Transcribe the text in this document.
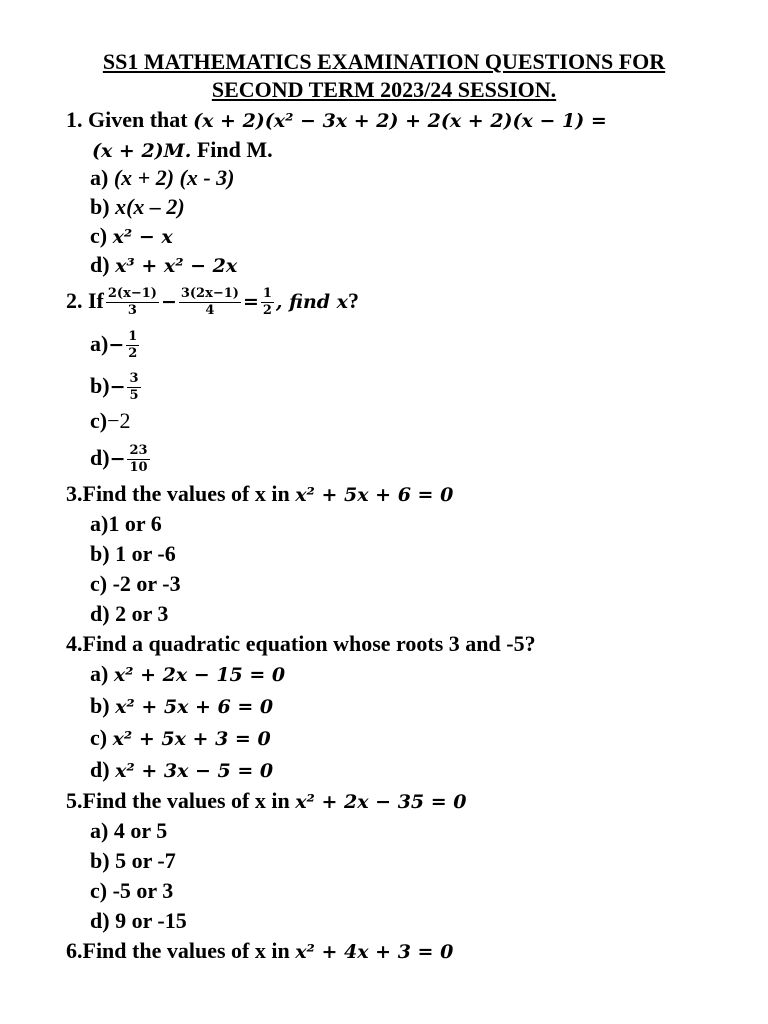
SS1 MATHEMATICS EXAMINATION QUESTIONS FOR
SECOND TERM 2023/24 SESSION.
1. Given that (x + 2)(x² − 3x + 2) + 2(x + 2)(x − 1) =
(x + 2)M. Find M.
a) (x + 2) (x - 3)
b) x(x – 2)
c) x² − x
d) x³ + x² − 2x
2. If $\frac{2(x-1)}{3} - \frac{3(2x-1)}{4} = \frac{1}{2}$ , find x?
$a)- \frac{1}{2}$
$b)- \frac{3}{5}$
c)−2
$d)- \frac{23}{10}$
3.Find the values of x in x² + 5x + 6 = 0
a)1 or 6
b) 1 or -6
c) -2 or -3
d) 2 or 3
4.Find a quadratic equation whose roots 3 and -5?
a) x² + 2x − 15 = 0
b) x² + 5x + 6 = 0
c) x² + 5x + 3 = 0
d) x² + 3x − 5 = 0
5.Find the values of x in x² + 2x − 35 = 0
a) 4 or 5
b) 5 or -7
c) -5 or 3
d) 9 or -15
6.Find the values of x in x² + 4x + 3 = 0
